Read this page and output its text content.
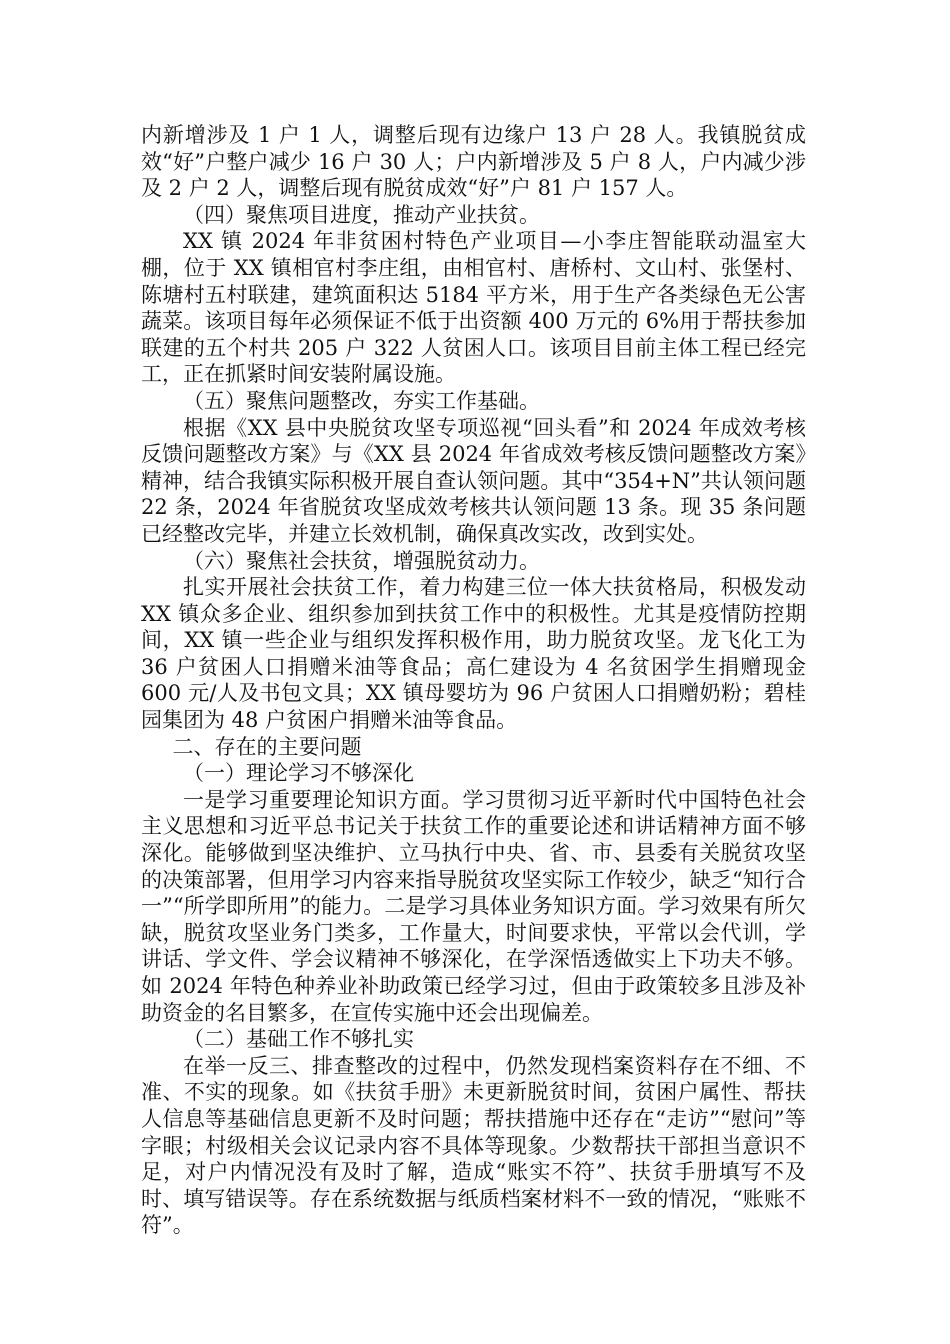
内新增涉及 1 户 1 人，调整后现有边缘户 13 户 28 人。我镇脱贫成效“好”户整户减少 16 户 30 人；户内新增涉及 5 户 8 人，户内减少涉及 2 户 2 人，调整后现有脱贫成效“好”户 81 户 157 人。

（四）聚焦项目进度，推动产业扶贫。

XX 镇 2024 年非贫困村特色产业项目—小李庄智能联动温室大棚，位于 XX 镇相官村李庄组，由相官村、唐桥村、文山村、张堡村、陈塘村五村联建，建筑面积达 5184 平方米，用于生产各类绿色无公害蔬菜。该项目每年必须保证不低于出资额 400 万元的 6%用于帮扶参加联建的五个村共 205 户 322 人贫困人口。该项目目前主体工程已经完工，正在抓紧时间安装附属设施。

（五）聚焦问题整改，夯实工作基础。

根据《XX 县中央脱贫攻坚专项巡视“回头看”和 2024 年成效考核反馈问题整改方案》与《XX 县 2024 年省成效考核反馈问题整改方案》精神，结合我镇实际积极开展自查认领问题。其中“354+N”共认领问题 22 条，2024 年省脱贫攻坚成效考核共认领问题 13 条。现 35 条问题已经整改完毕，并建立长效机制，确保真改实改，改到实处。

（六）聚焦社会扶贫，增强脱贫动力。

扎实开展社会扶贫工作，着力构建三位一体大扶贫格局，积极发动 XX 镇众多企业、组织参加到扶贫工作中的积极性。尤其是疫情防控期间，XX 镇一些企业与组织发挥积极作用，助力脱贫攻坚。龙飞化工为 36 户贫困人口捐赠米油等食品；高仁建设为 4 名贫困学生捐赠现金 600 元/人及书包文具；XX 镇母婴坊为 96 户贫困人口捐赠奶粉；碧桂园集团为 48 户贫困户捐赠米油等食品。

二、存在的主要问题

（一）理论学习不够深化

一是学习重要理论知识方面。学习贯彻习近平新时代中国特色社会主义思想和习近平总书记关于扶贫工作的重要论述和讲话精神方面不够深化。能够做到坚决维护、立马执行中央、省、市、县委有关脱贫攻坚的决策部署，但用学习内容来指导脱贫攻坚实际工作较少，缺乏“知行合一”“所学即所用”的能力。二是学习具体业务知识方面。学习效果有所欠缺，脱贫攻坚业务门类多，工作量大，时间要求快，平常以会代训，学讲话、学文件、学会议精神不够深化，在学深悟透做实上下功夫不够。如 2024 年特色种养业补助政策已经学习过，但由于政策较多且涉及补助资金的名目繁多，在宣传实施中还会出现偏差。

（二）基础工作不够扎实

在举一反三、排查整改的过程中，仍然发现档案资料存在不细、不准、不实的现象。如《扶贫手册》未更新脱贫时间，贫困户属性、帮扶人信息等基础信息更新不及时问题；帮扶措施中还存在“走访”“慰问”等字眼；村级相关会议记录内容不具体等现象。少数帮扶干部担当意识不足，对户内情况没有及时了解，造成“账实不符”、扶贫手册填写不及时、填写错误等。存在系统数据与纸质档案材料不一致的情况，“账账不符”。
